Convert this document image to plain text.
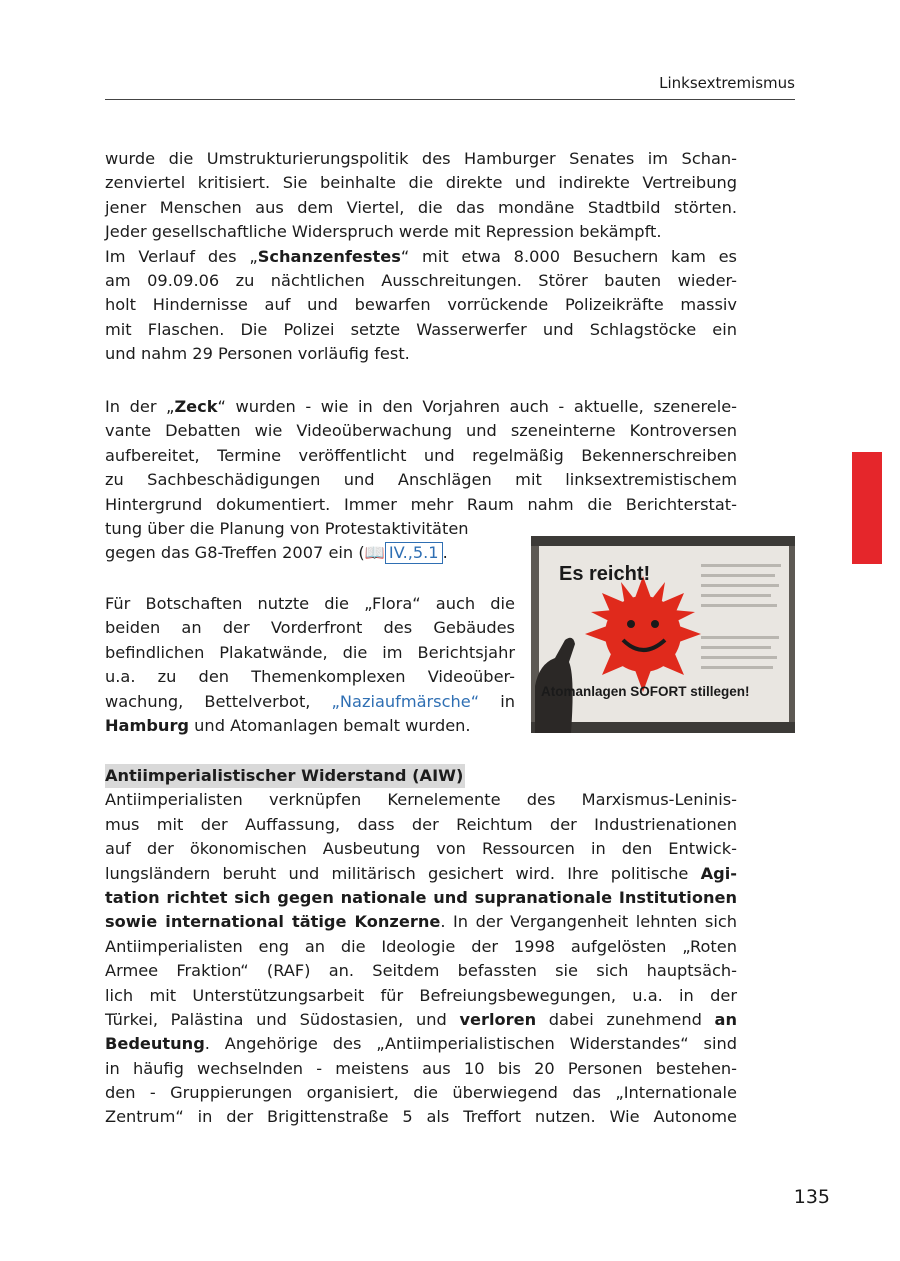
Linksextremismus
wurde die Umstrukturierungspolitik des Hamburger Senates im Schan-
zenviertel kritisiert. Sie beinhalte die direkte und indirekte Vertreibung
jener Menschen aus dem Viertel, die das mondäne Stadtbild störten.
Jeder gesellschaftliche Widerspruch werde mit Repression bekämpft.
Im Verlauf des „Schanzenfestes“ mit etwa 8.000 Besuchern kam es
am 09.09.06 zu nächtlichen Ausschreitungen. Störer bauten wieder-
holt Hindernisse auf und bewarfen vorrückende Polizeikräfte massiv
mit Flaschen. Die Polizei setzte Wasserwerfer und Schlagstöcke ein
und nahm 29 Personen vorläufig fest.
In der „Zeck“ wurden - wie in den Vorjahren auch - aktuelle, szenerele-
vante Debatten wie Videoüberwachung und szeneinterne Kontroversen
aufbereitet, Termine veröffentlicht und regelmäßig Bekennerschreiben
zu Sachbeschädigungen und Anschlägen mit linksextremistischem
Hintergrund dokumentiert. Immer mehr Raum nahm die Berichterstat-
tung über die Planung von Protestaktivitäten
gegen das G8-Treffen 2007 ein (📖 IV.,5.1 .
Für Botschaften nutzte die „Flora“ auch die
beiden an der Vorderfront des Gebäudes
befindlichen Plakatwände, die im Berichtsjahr
u.a. zu den Themenkomplexen Videoüber-
wachung, Bettelverbot, „Naziaufmärsche“ in
Hamburg und Atomanlagen bemalt wurden.
Es reicht!
Atomanlagen SOFORT stillegen!
Antiimperialistischer Widerstand (AIW)
Antiimperialisten verknüpfen Kernelemente des Marxismus-Leninis-
mus mit der Auffassung, dass der Reichtum der Industrienationen
auf der ökonomischen Ausbeutung von Ressourcen in den Entwick-
lungsländern beruht und militärisch gesichert wird. Ihre politische Agi-
tation richtet sich gegen nationale und supranationale Institutionen
sowie international tätige Konzerne. In der Vergangenheit lehnten sich
Antiimperialisten eng an die Ideologie der 1998 aufgelösten „Roten
Armee Fraktion“ (RAF) an. Seitdem befassten sie sich hauptsäch-
lich mit Unterstützungsarbeit für Befreiungsbewegungen, u.a. in der
Türkei, Palästina und Südostasien, und verloren dabei zunehmend an
Bedeutung. Angehörige des „Antiimperialistischen Widerstandes“ sind
in häufig wechselnden - meistens aus 10 bis 20 Personen bestehen-
den - Gruppierungen organisiert, die überwiegend das „Internationale
Zentrum“ in der Brigittenstraße 5 als Treffort nutzen. Wie Autonome
135
